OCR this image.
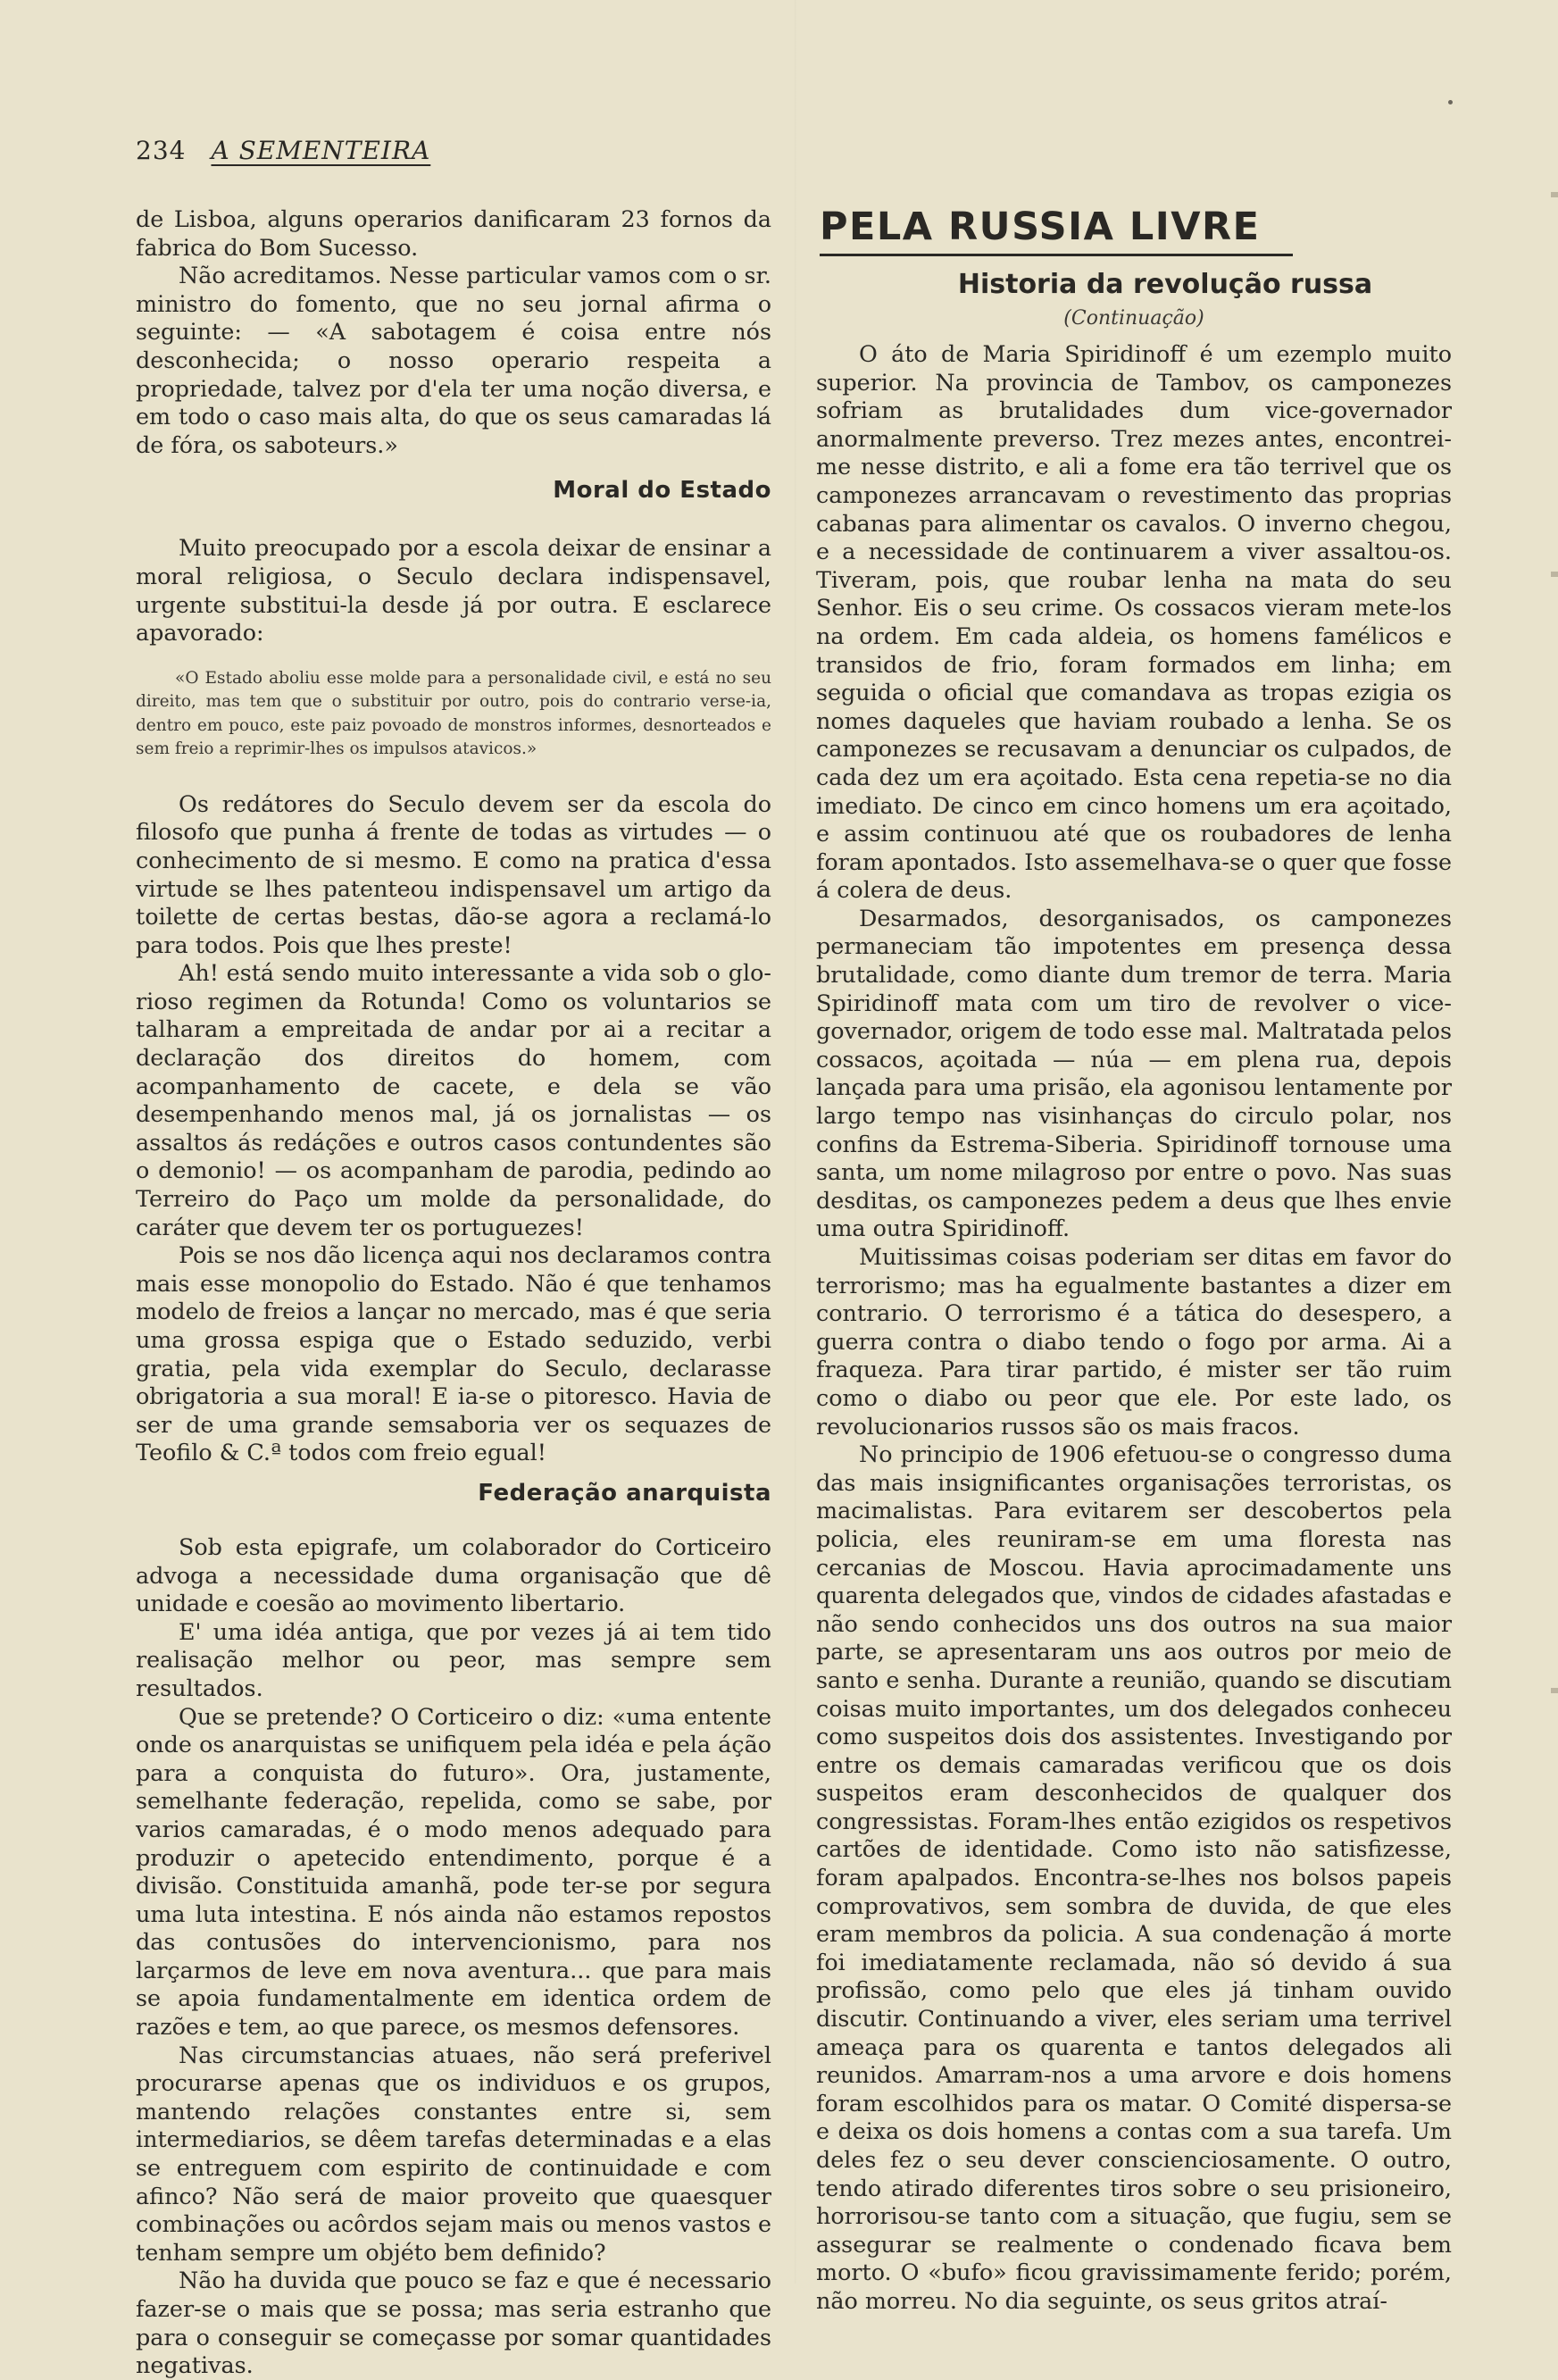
234 A SEMENTEIRA

de Lisboa, alguns operarios danificaram 23 fornos da fabrica do Bom Sucesso.

Não acreditamos. Nesse particular vamos com o sr. ministro do fomento, que no seu jornal afirma o seguinte: — «A sabotagem é coisa entre nós desconhecida; o nosso operario respeita a propriedade, talvez por d'ela ter uma noção diversa, e em todo o caso mais alta, do que os seus camaradas lá de fóra, os saboteurs.»

Moral do Estado

Muito preocupado por a escola deixar de ensinar a moral religiosa, o Seculo declara indispensavel, urgente substitui-la desde já por outra. E esclarece apavorado:

«O Estado aboliu esse molde para a personalidade civil, e está no seu direito, mas tem que o substituir por outro, pois do contrario verse-ia, dentro em pouco, este paiz povoado de monstros informes, desnorteados e sem freio a reprimir-lhes os impulsos atavicos.»

Os redátores do Seculo devem ser da escola do filosofo que punha á frente de todas as virtudes — o conhecimento de si mesmo. E como na pratica d'essa virtude se lhes patenteou indispensavel um artigo da toilette de certas bestas, dão-se agora a reclamá-lo para todos. Pois que lhes preste!

Ah! está sendo muito interessante a vida sob o glorioso regimen da Rotunda! Como os voluntarios se talharam a empreitada de andar por ai a recitar a declaração dos direitos do homem, com acompanhamento de cacete, e dela se vão desempenhando menos mal, já os jornalistas — os assaltos ás redáções e outros casos contundentes são o demonio! — os acompanham de parodia, pedindo ao Terreiro do Paço um molde da personalidade, do caráter que devem ter os portuguezes!

Pois se nos dão licença aqui nos declaramos contra mais esse monopolio do Estado. Não é que tenhamos modelo de freios a lançar no mercado, mas é que seria uma grossa espiga que o Estado seduzido, verbi gratia, pela vida exemplar do Seculo, declarasse obrigatoria a sua moral! E ia-se o pitoresco. Havia de ser de uma grande semsaboria ver os sequazes de Teofilo & C.ª todos com freio egual!

Federação anarquista

Sob esta epigrafe, um colaborador do Corticeiro advoga a necessidade duma organisação que dê unidade e coesão ao movimento libertario.

E' uma idéa antiga, que por vezes já ai tem tido realisação melhor ou peor, mas sempre sem resultados.

Que se pretende? O Corticeiro o diz: «uma entente onde os anarquistas se unifiquem pela idéa e pela áção para a conquista do futuro». Ora, justamente, semelhante federação, repelida, como se sabe, por varios camaradas, é o modo menos adequado para produzir o apetecido entendimento, porque é a divisão. Constituida amanhã, pode ter-se por segura uma luta intestina. E nós ainda não estamos repostos das contusões do intervencionismo, para nos larçarmos de leve em nova aventura... que para mais se apoia fundamentalmente em identica ordem de razões e tem, ao que parece, os mesmos defensores.

Nas circumstancias atuaes, não será preferivel procurarse apenas que os individuos e os grupos, mantendo relações constantes entre si, sem intermediarios, se dêem tarefas determinadas e a elas se entreguem com espirito de continuidade e com afinco? Não será de maior proveito que quaesquer combinações ou acôrdos sejam mais ou menos vastos e tenham sempre um objéto bem definido?

Não ha duvida que pouco se faz e que é necessario fazer-se o mais que se possa; mas seria estranho que para o conseguir se começasse por somar quantidades negativas.

PELA RUSSIA LIVRE
Historia da revolução russa
(Continuação)

O áto de Maria Spiridinoff é um ezemplo muito superior. Na provincia de Tambov, os camponezes sofriam as brutalidades dum vice-governador anormalmente preverso. Trez mezes antes, encontrei-me nesse distrito, e ali a fome era tão terrivel que os camponezes arrancavam o revestimento das proprias cabanas para alimentar os cavalos. O inverno chegou, e a necessidade de continuarem a viver assaltou-os. Tiveram, pois, que roubar lenha na mata do seu Senhor. Eis o seu crime. Os cossacos vieram mete-los na ordem. Em cada aldeia, os homens famélicos e transidos de frio, foram formados em linha; em seguida o oficial que comandava as tropas ezigia os nomes daqueles que haviam roubado a lenha. Se os camponezes se recusavam a denunciar os culpados, de cada dez um era açoitado. Esta cena repetia-se no dia imediato. De cinco em cinco homens um era açoitado, e assim continuou até que os roubadores de lenha foram apontados. Isto assemelhava-se o quer que fosse á colera de deus.

Desarmados, desorganisados, os camponezes permaneciam tão impotentes em presença dessa brutalidade, como diante dum tremor de terra. Maria Spiridinoff mata com um tiro de revolver o vice-governador, origem de todo esse mal. Maltratada pelos cossacos, açoitada — núa — em plena rua, depois lançada para uma prisão, ela agonisou lentamente por largo tempo nas visinhanças do circulo polar, nos confins da Estrema-Siberia. Spiridinoff tornouse uma santa, um nome milagroso por entre o povo. Nas suas desditas, os camponezes pedem a deus que lhes envie uma outra Spiridinoff.

Muitissimas coisas poderiam ser ditas em favor do terrorismo; mas ha egualmente bastantes a dizer em contrario. O terrorismo é a tática do desespero, a guerra contra o diabo tendo o fogo por arma. Ai a fraqueza. Para tirar partido, é mister ser tão ruim como o diabo ou peor que ele. Por este lado, os revolucionarios russos são os mais fracos.

No principio de 1906 efetuou-se o congresso duma das mais insignificantes organisações terroristas, os macimalistas. Para evitarem ser descobertos pela policia, eles reuniram-se em uma floresta nas cercanias de Moscou. Havia aprocimadamente uns quarenta delegados que, vindos de cidades afastadas e não sendo conhecidos uns dos outros na sua maior parte, se apresentaram uns aos outros por meio de santo e senha. Durante a reunião, quando se discutiam coisas muito importantes, um dos delegados conheceu como suspeitos dois dos assistentes. Investigando por entre os demais camaradas verificou que os dois suspeitos eram desconhecidos de qualquer dos congressistas. Foram-lhes então ezigidos os respetivos cartões de identidade. Como isto não satisfizesse, foram apalpados. Encontra-se-lhes nos bolsos papeis comprovativos, sem sombra de duvida, de que eles eram membros da policia. A sua condenação á morte foi imediatamente reclamada, não só devido á sua profissão, como pelo que eles já tinham ouvido discutir. Continuando a viver, eles seriam uma terrivel ameaça para os quarenta e tantos delegados ali reunidos. Amarram-nos a uma arvore e dois homens foram escolhidos para os matar. O Comité dispersa-se e deixa os dois homens a contas com a sua tarefa. Um deles fez o seu dever conscienciosamente. O outro, tendo atirado diferentes tiros sobre o seu prisioneiro, horrorisou-se tanto com a situação, que fugiu, sem se assegurar se realmente o condenado ficava bem morto. O «bufo» ficou gravissimamente ferido; porém, não morreu. No dia seguinte, os seus gritos atraí-
